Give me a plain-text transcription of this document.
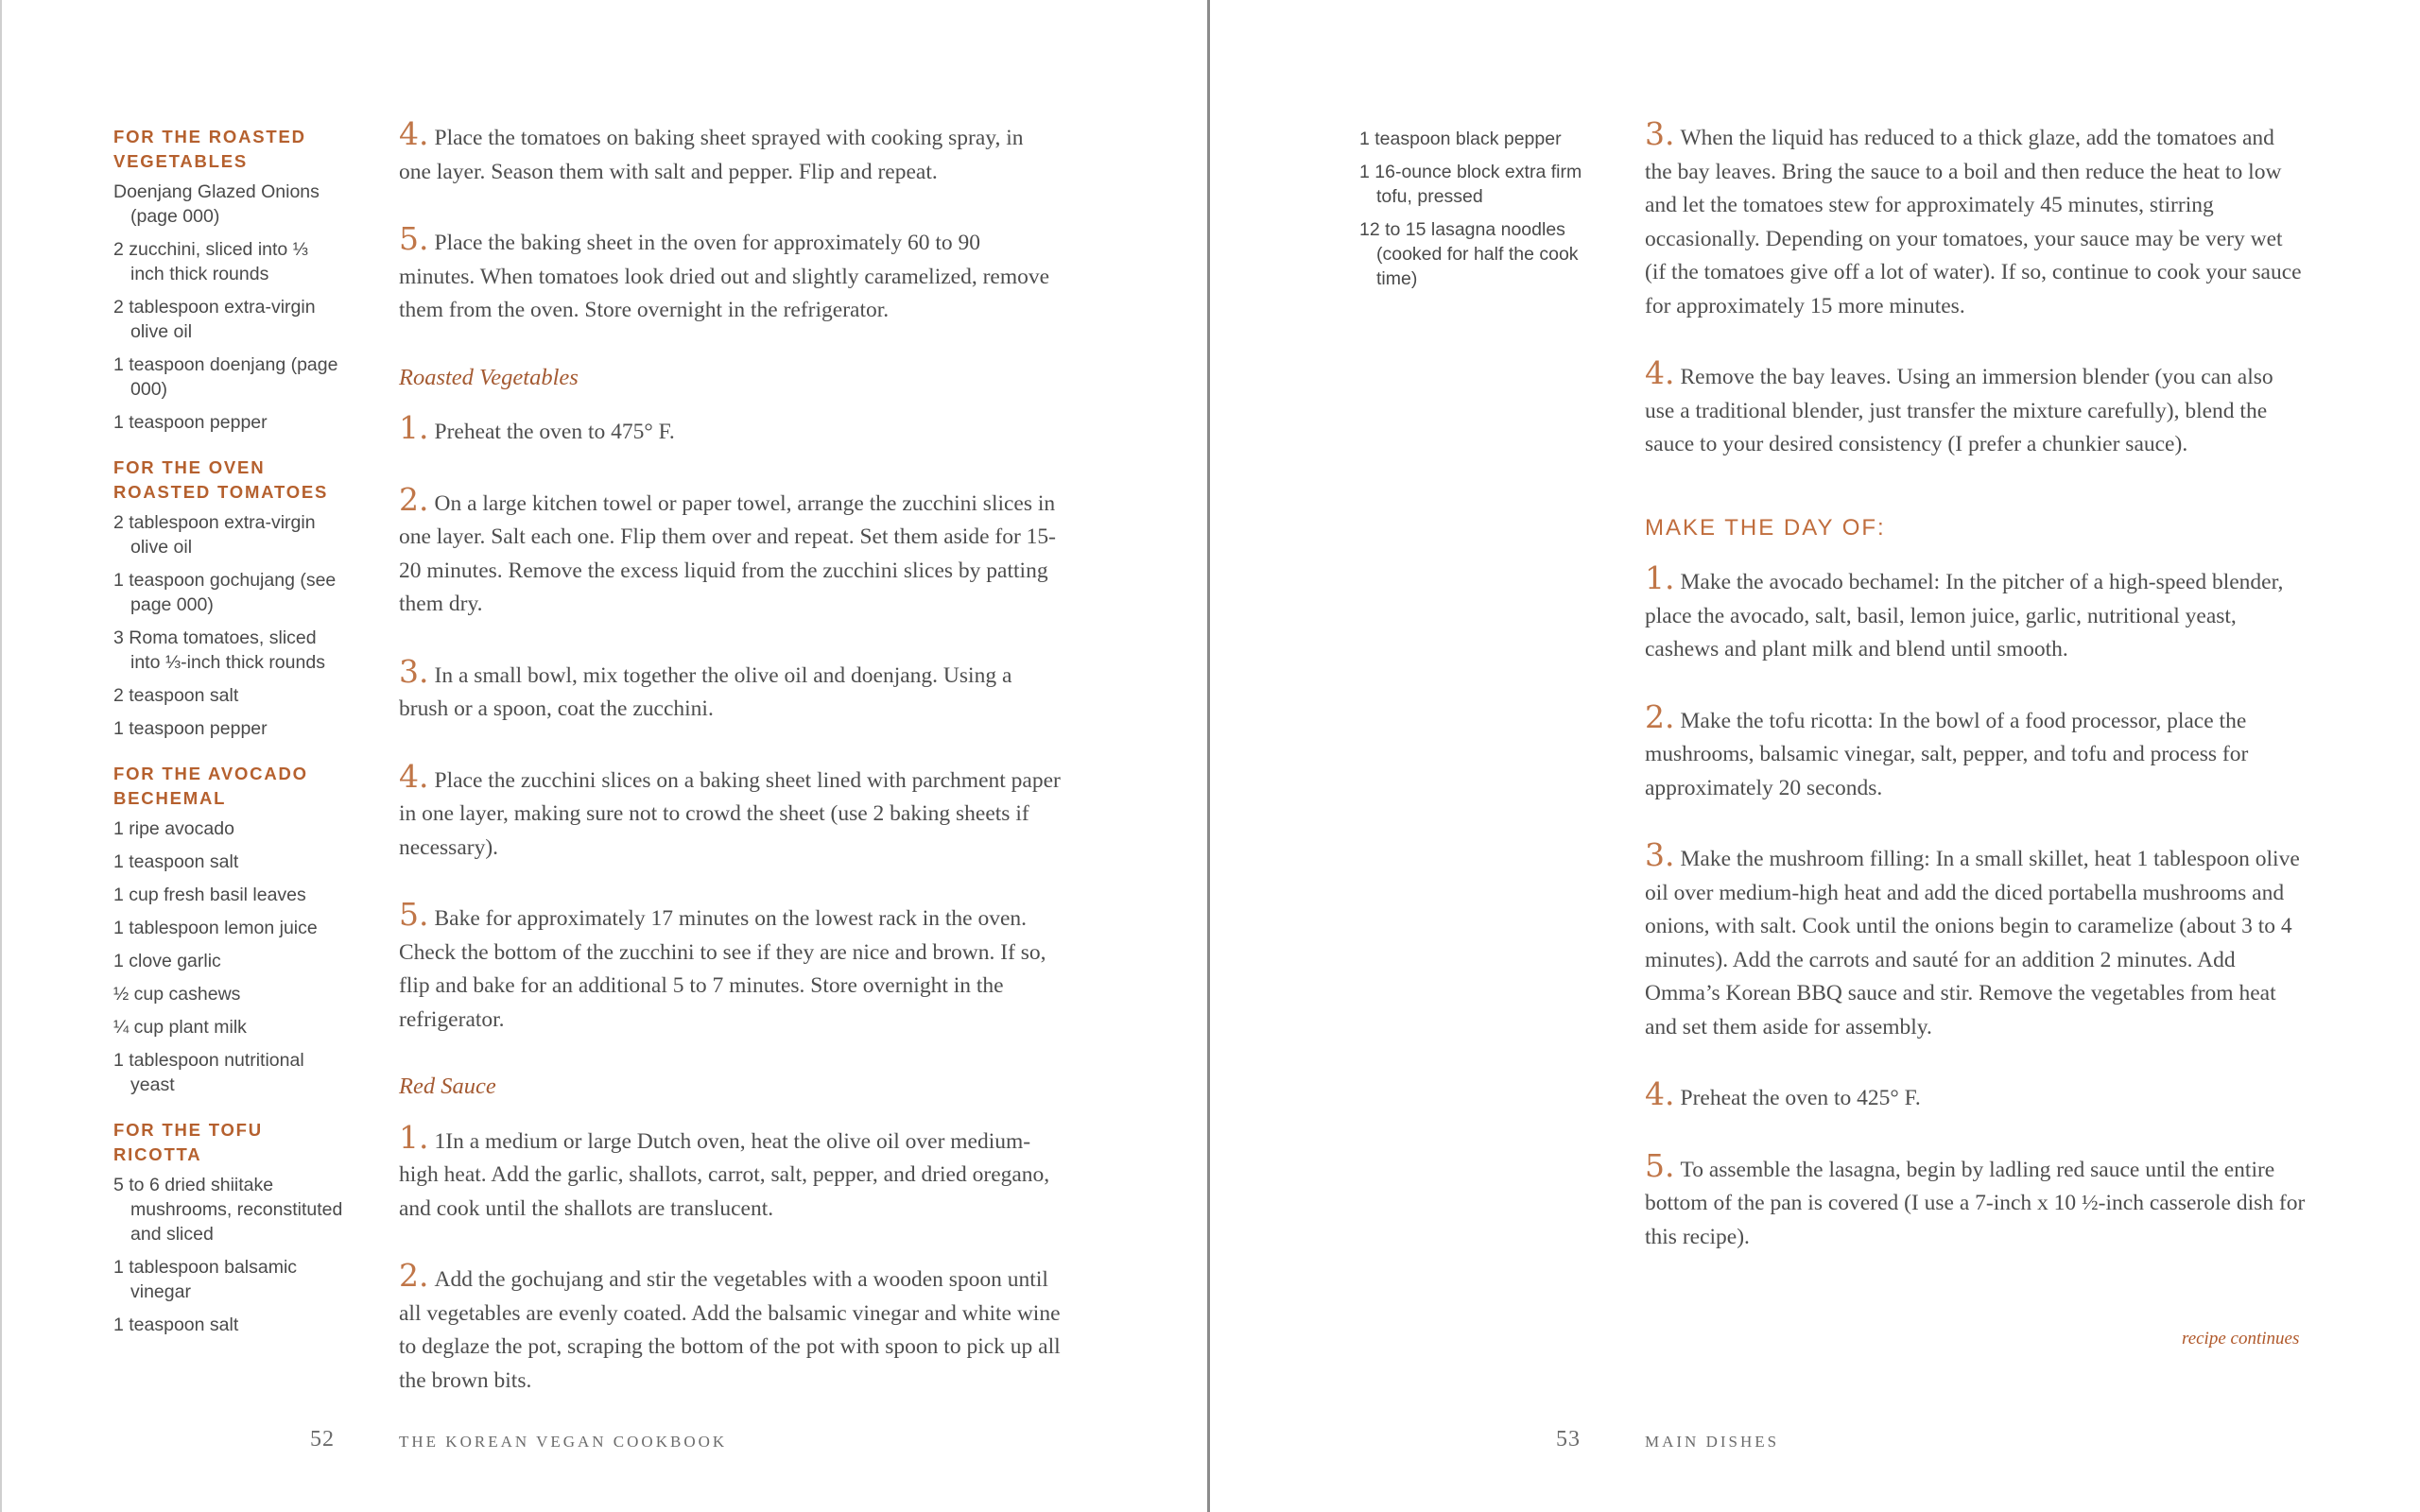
FOR THE ROASTED VEGETABLES
Doenjang Glazed Onions (page 000)
2 zucchini, sliced into ⅓ inch thick rounds
2 tablespoon extra-virgin olive oil
1 teaspoon doenjang (page 000)
1 teaspoon pepper
FOR THE OVEN ROASTED TOMATOES
2 tablespoon extra-virgin olive oil
1 teaspoon gochujang (see page 000)
3 Roma tomatoes, sliced into ⅓-inch thick rounds
2 teaspoon salt
1 teaspoon pepper
FOR THE AVOCADO BECHEMAL
1 ripe avocado
1 teaspoon salt
1 cup fresh basil leaves
1 tablespoon lemon juice
1 clove garlic
½ cup cashews
¼ cup plant milk
1 tablespoon nutritional yeast
FOR THE TOFU RICOTTA
5 to 6 dried shiitake mushrooms, reconstituted and sliced
1 tablespoon balsamic vinegar
1 teaspoon salt

4. Place the tomatoes on baking sheet sprayed with cooking spray, in one layer. Season them with salt and pepper. Flip and repeat.

5. Place the baking sheet in the oven for approximately 60 to 90 minutes. When tomatoes look dried out and slightly caramelized, remove them from the oven. Store overnight in the refrigerator.

Roasted Vegetables

1. Preheat the oven to 475° F.

2. On a large kitchen towel or paper towel, arrange the zucchini slices in one layer. Salt each one. Flip them over and repeat. Set them aside for 15-20 minutes. Remove the excess liquid from the zucchini slices by patting them dry.

3. In a small bowl, mix together the olive oil and doenjang. Using a brush or a spoon, coat the zucchini.

4. Place the zucchini slices on a baking sheet lined with parchment paper in one layer, making sure not to crowd the sheet (use 2 baking sheets if necessary).

5. Bake for approximately 17 minutes on the lowest rack in the oven. Check the bottom of the zucchini to see if they are nice and brown. If so, flip and bake for an additional 5 to 7 minutes. Store overnight in the refrigerator.

Red Sauce

1. 1In a medium or large Dutch oven, heat the olive oil over medium-high heat. Add the garlic, shallots, carrot, salt, pepper, and dried oregano, and cook until the shallots are translucent.

2. Add the gochujang and stir the vegetables with a wooden spoon until all vegetables are evenly coated. Add the balsamic vinegar and white wine to deglaze the pot, scraping the bottom of the pot with spoon to pick up all the brown bits.

52	THE KOREAN VEGAN COOKBOOK
1 teaspoon black pepper
1 16-ounce block extra firm tofu, pressed
12 to 15 lasagna noodles (cooked for half the cook time)

3. When the liquid has reduced to a thick glaze, add the tomatoes and the bay leaves. Bring the sauce to a boil and then reduce the heat to low and let the tomatoes stew for approximately 45 minutes, stirring occasionally. Depending on your tomatoes, your sauce may be very wet (if the tomatoes give off a lot of water). If so, continue to cook your sauce for approximately 15 more minutes.

4. Remove the bay leaves. Using an immersion blender (you can also use a traditional blender, just transfer the mixture carefully), blend the sauce to your desired consistency (I prefer a chunkier sauce).

MAKE THE DAY OF:

1. Make the avocado bechamel: In the pitcher of a high-speed blender, place the avocado, salt, basil, lemon juice, garlic, nutritional yeast, cashews and plant milk and blend until smooth.

2. Make the tofu ricotta: In the bowl of a food processor, place the mushrooms, balsamic vinegar, salt, pepper, and tofu and process for approximately 20 seconds.

3. Make the mushroom filling: In a small skillet, heat 1 tablespoon olive oil over medium-high heat and add the diced portabella mushrooms and onions, with salt. Cook until the onions begin to caramelize (about 3 to 4 minutes). Add the carrots and sauté for an addition 2 minutes. Add Omma’s Korean BBQ sauce and stir. Remove the vegetables from heat and set them aside for assembly.

4. Preheat the oven to 425° F.

5. To assemble the lasagna, begin by ladling red sauce until the entire bottom of the pan is covered (I use a 7-inch x 10 ½-inch casserole dish for this recipe).

recipe continues
53	MAIN DISHES
